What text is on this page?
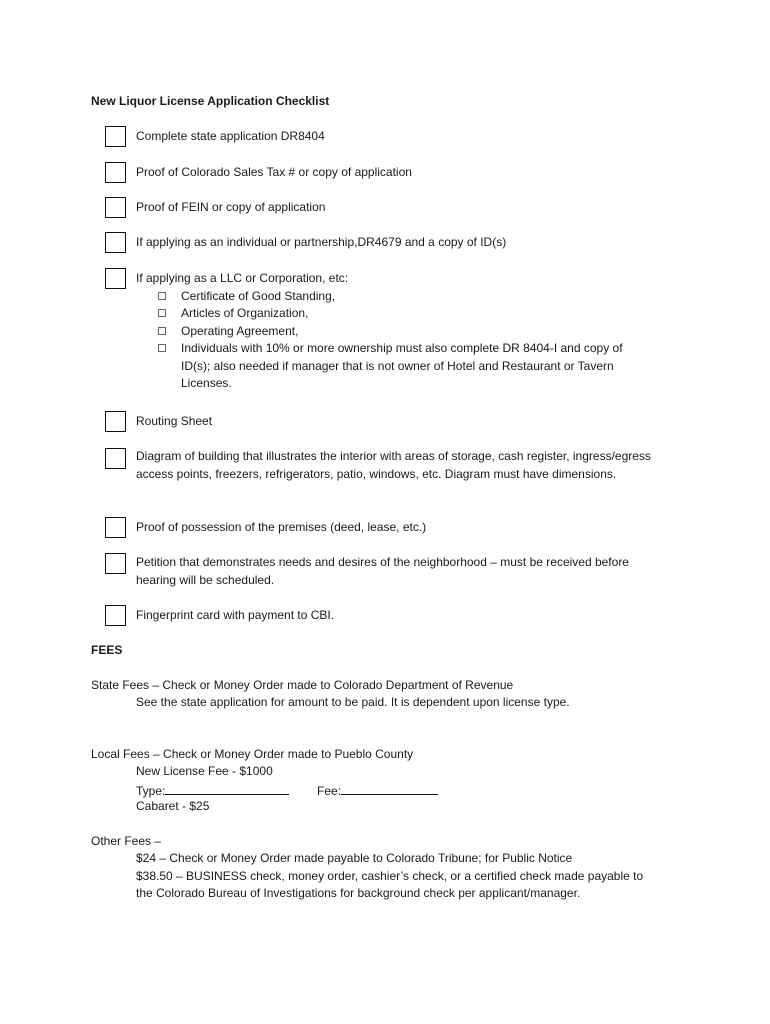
New Liquor License Application Checklist
Complete state application DR8404
Proof of Colorado Sales Tax # or copy of application
Proof of FEIN or copy of application
If applying as an individual or partnership,DR4679 and a copy of ID(s)
If applying as a LLC or Corporation, etc:
Certificate of Good Standing,
Articles of Organization,
Operating Agreement,
Individuals with 10% or more ownership must also complete DR 8404-I and copy of ID(s); also needed if manager that is not owner of Hotel and Restaurant or Tavern Licenses.
Routing Sheet
Diagram of building that illustrates the interior with areas of storage, cash register, ingress/egress access points, freezers, refrigerators, patio, windows, etc. Diagram must have dimensions.
Proof of possession of the premises (deed, lease, etc.)
Petition that demonstrates needs and desires of the neighborhood – must be received before hearing will be scheduled.
Fingerprint card with payment to CBI.
FEES
State Fees – Check or Money Order made to Colorado Department of Revenue
See the state application for amount to be paid. It is dependent upon license type.
Local Fees – Check or Money Order made to Pueblo County
New License Fee - $1000
Type:	Fee:
Cabaret - $25
Other Fees –
$24 – Check or Money Order made payable to Colorado Tribune; for Public Notice
$38.50 – BUSINESS check, money order, cashier’s check, or a certified check made payable to
the Colorado Bureau of Investigations for background check per applicant/manager.
